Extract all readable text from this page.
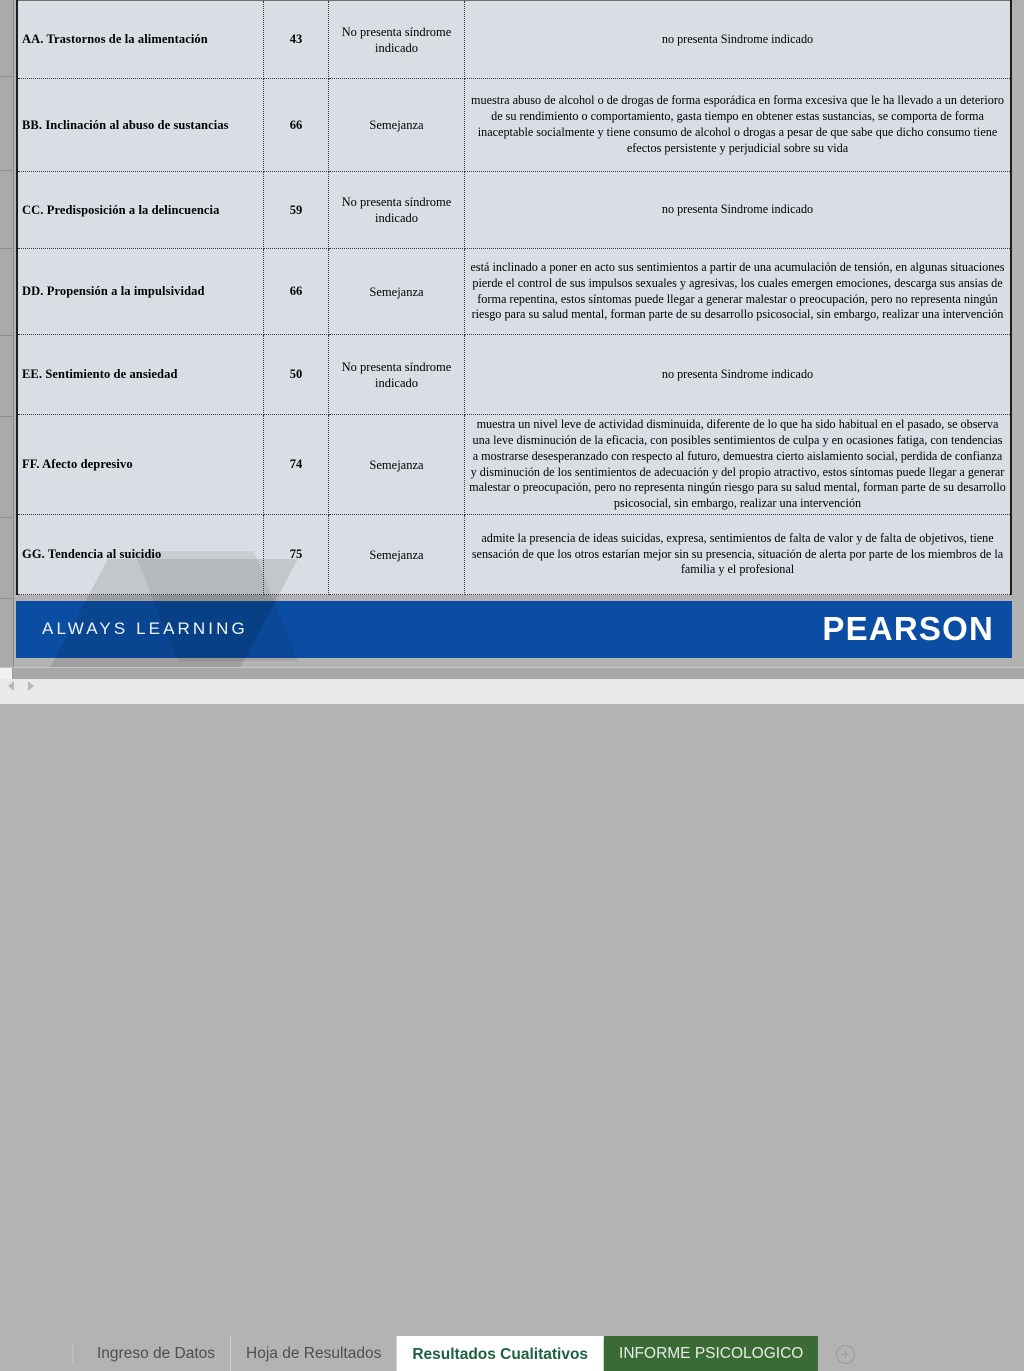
AA. Trastornos de la alimentación	43	No presenta síndrome indicado	no presenta Sindrome indicado

BB. Inclinación al abuso de sustancias	66	Semejanza	muestra abuso de alcohol o de drogas de forma esporádica en forma excesiva que le ha llevado a un deterioro de su rendimiento o comportamiento, gasta tiempo en obtener estas sustancias, se comporta de forma inaceptable socialmente y tiene consumo de alcohol o drogas a pesar de que sabe que dicho consumo tiene efectos persistente y perjudicial sobre su vida

CC. Predisposición a la delincuencia	59	No presenta síndrome indicado	no presenta Sindrome indicado

DD. Propensión a la impulsividad	66	Semejanza	está inclinado a poner en acto sus sentimientos a partir de una acumulación de tensión, en algunas situaciones pierde el control de sus impulsos sexuales y agresivas, los cuales emergen emociones, descarga sus ansias de forma repentina, estos síntomas puede llegar a generar malestar o preocupación, pero no representa ningún riesgo para su salud mental, forman parte de su desarrollo psicosocial, sin embargo, realizar una intervención

EE. Sentimiento de ansiedad	50	No presenta síndrome indicado	no presenta Sindrome indicado

FF. Afecto depresivo	74	Semejanza	muestra un nivel leve de actividad disminuida, diferente de lo que ha sido habitual en el pasado, se observa una leve disminución de la eficacia, con posibles sentimientos de culpa y en ocasiones fatiga, con tendencias a mostrarse desesperanzado con respecto al futuro, demuestra cierto aislamiento social, perdida de confianza y disminución de los sentimientos de adecuación y del propio atractivo, estos síntomas puede llegar a generar malestar o preocupación, pero no representa ningún riesgo para su salud mental, forman parte de su desarrollo psicosocial, sin embargo, realizar una intervención

GG. Tendencia al suicidio	75	Semejanza	admite la presencia de ideas suicidas, expresa, sentimientos de falta de valor y de falta de objetivos, tiene sensación de que los otros estarían mejor sin su presencia, situación de alerta por parte de los miembros de la familia y el profesional
ALWAYS LEARNING	PEARSON
Ingreso de Datos	Hoja de Resultados	Resultados Cualitativos	INFORME PSICOLOGICO
